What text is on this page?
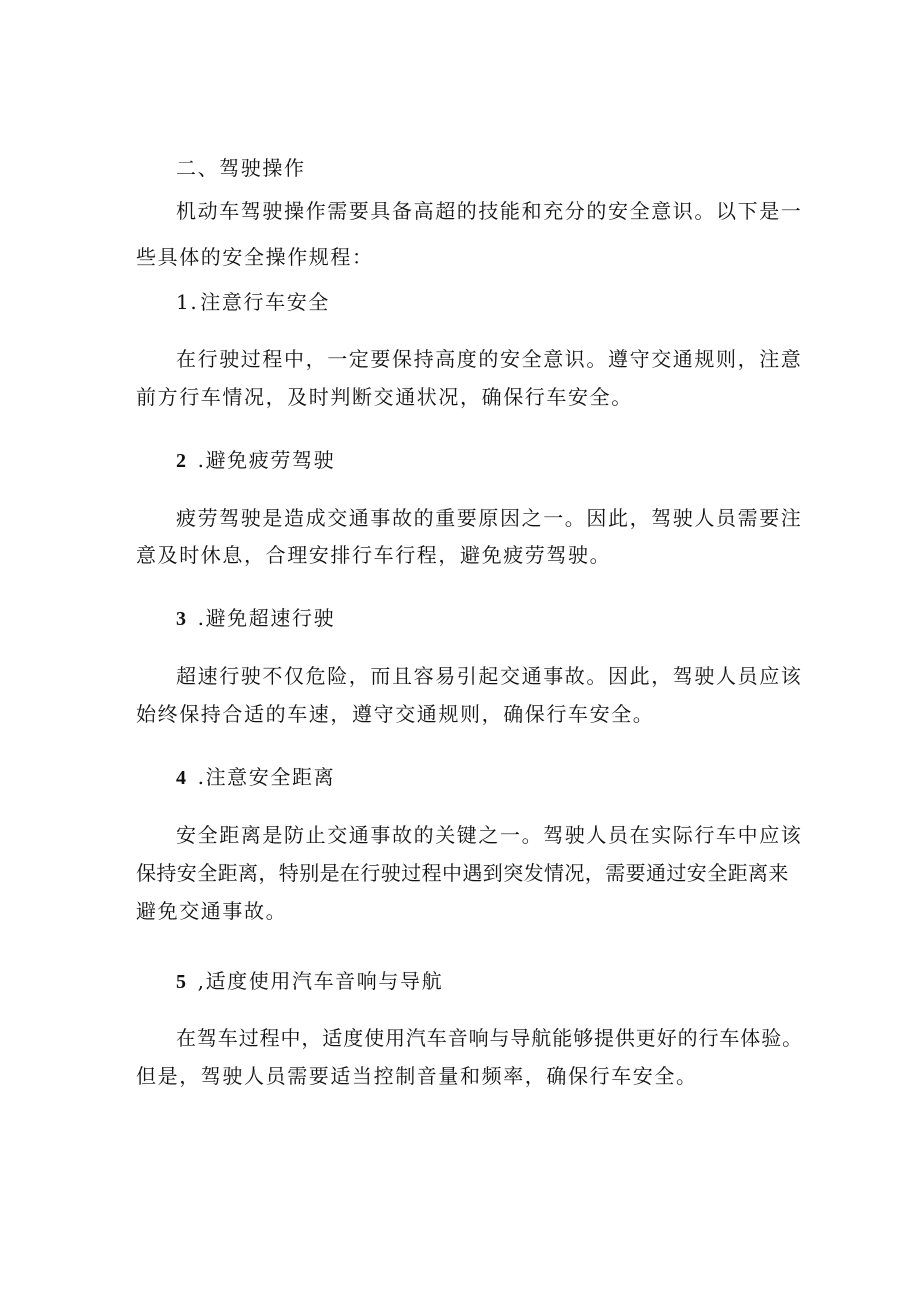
二、驾驶操作
机动车驾驶操作需要具备高超的技能和充分的安全意识。以下是一
些具体的安全操作规程：
1. 注意行车安全
在行驶过程中，一定要保持高度的安全意识。遵守交通规则，注意
前方行车情况，及时判断交通状况，确保行车安全。
2 .避免疲劳驾驶
疲劳驾驶是造成交通事故的重要原因之一。因此，驾驶人员需要注
意及时休息，合理安排行车行程，避免疲劳驾驶。
3 .避免超速行驶
超速行驶不仅危险，而且容易引起交通事故。因此，驾驶人员应该
始终保持合适的车速，遵守交通规则，确保行车安全。
4 .注意安全距离
安全距离是防止交通事故的关键之一。驾驶人员在实际行车中应该
保持安全距离，特别是在行驶过程中遇到突发情况，需要通过安全距离来
避免交通事故。
5 ,适度使用汽车音响与导航
在驾车过程中，适度使用汽车音响与导航能够提供更好的行车体验。
但是，驾驶人员需要适当控制音量和频率，确保行车安全。
